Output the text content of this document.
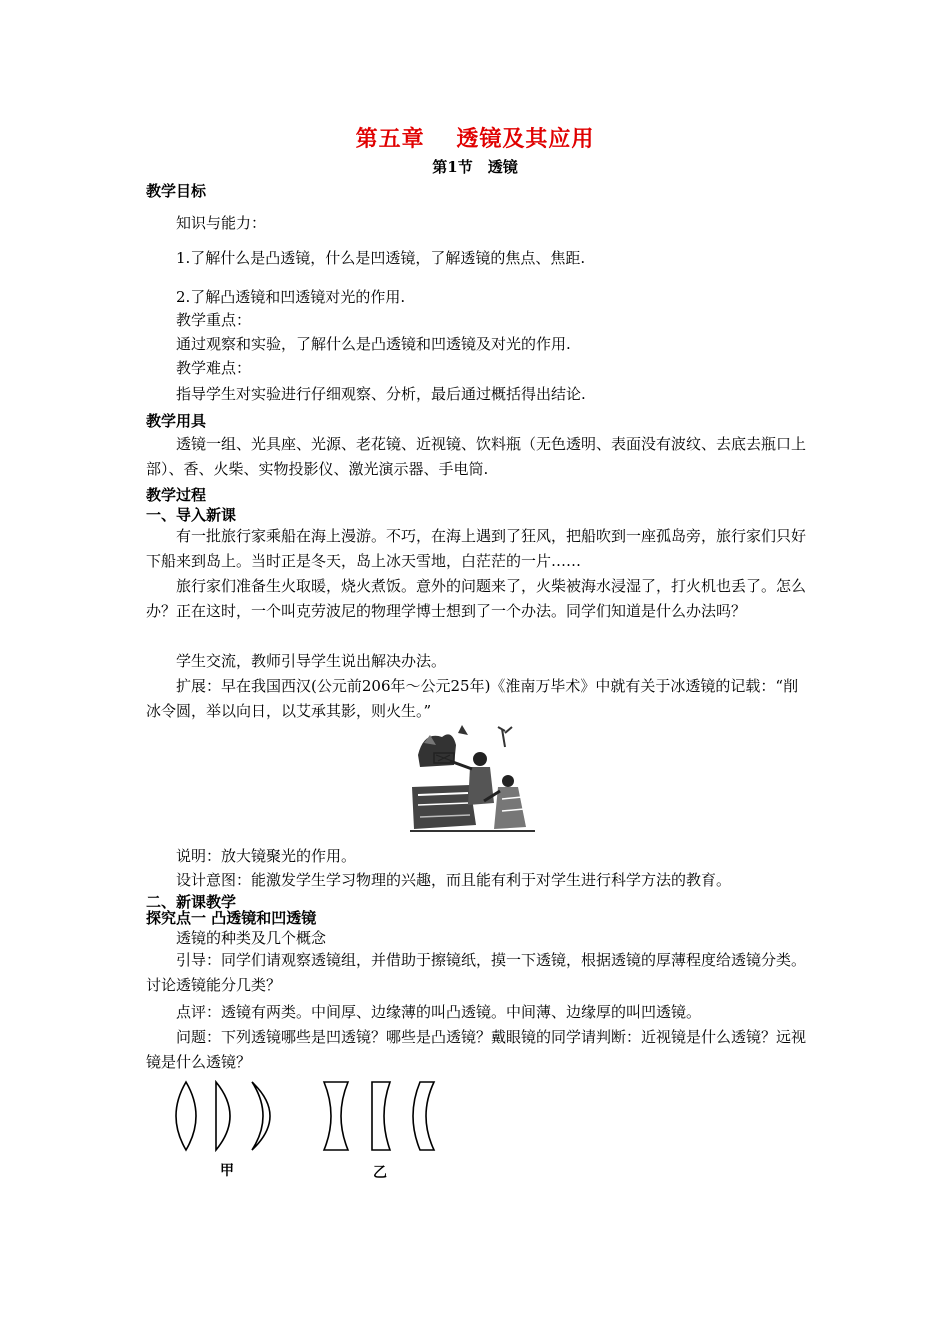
第五章　 透镜及其应用
第1节　透镜
教学目标
知识与能力：
1.了解什么是凸透镜，什么是凹透镜，了解透镜的焦点、焦距.
2.了解凸透镜和凹透镜对光的作用.
教学重点：
通过观察和实验，了解什么是凸透镜和凹透镜及对光的作用.
教学难点：
指导学生对实验进行仔细观察、分析，最后通过概括得出结论.
教学用具
透镜一组、光具座、光源、老花镜、近视镜、饮料瓶（无色透明、表面没有波纹、去底去瓶口上部）、香、火柴、实物投影仪、激光演示器、手电筒.
教学过程
一、导入新课
有一批旅行家乘船在海上漫游。不巧，在海上遇到了狂风，把船吹到一座孤岛旁，旅行家们只好下船来到岛上。当时正是冬天，岛上冰天雪地，白茫茫的一片……
旅行家们准备生火取暖，烧火煮饭。意外的问题来了，火柴被海水浸湿了，打火机也丢了。怎么办？正在这时，一个叫克劳波尼的物理学博士想到了一个办法。同学们知道是什么办法吗？
学生交流，教师引导学生说出解决办法。
扩展：早在我国西汉(公元前206年～公元25年)《淮南万毕术》中就有关于冰透镜的记载：“削冰令圆，举以向日，以艾承其影，则火生。”
说明：放大镜聚光的作用。
设计意图：能激发学生学习物理的兴趣，而且能有利于对学生进行科学方法的教育。
二、新课教学
探究点一 凸透镜和凹透镜
透镜的种类及几个概念
引导：同学们请观察透镜组，并借助于擦镜纸，摸一下透镜，根据透镜的厚薄程度给透镜分类。讨论透镜能分几类？
点评：透镜有两类。中间厚、边缘薄的叫凸透镜。中间薄、边缘厚的叫凹透镜。
问题：下列透镜哪些是凹透镜？哪些是凸透镜？戴眼镜的同学请判断：近视镜是什么透镜？远视镜是什么透镜？
甲	乙
